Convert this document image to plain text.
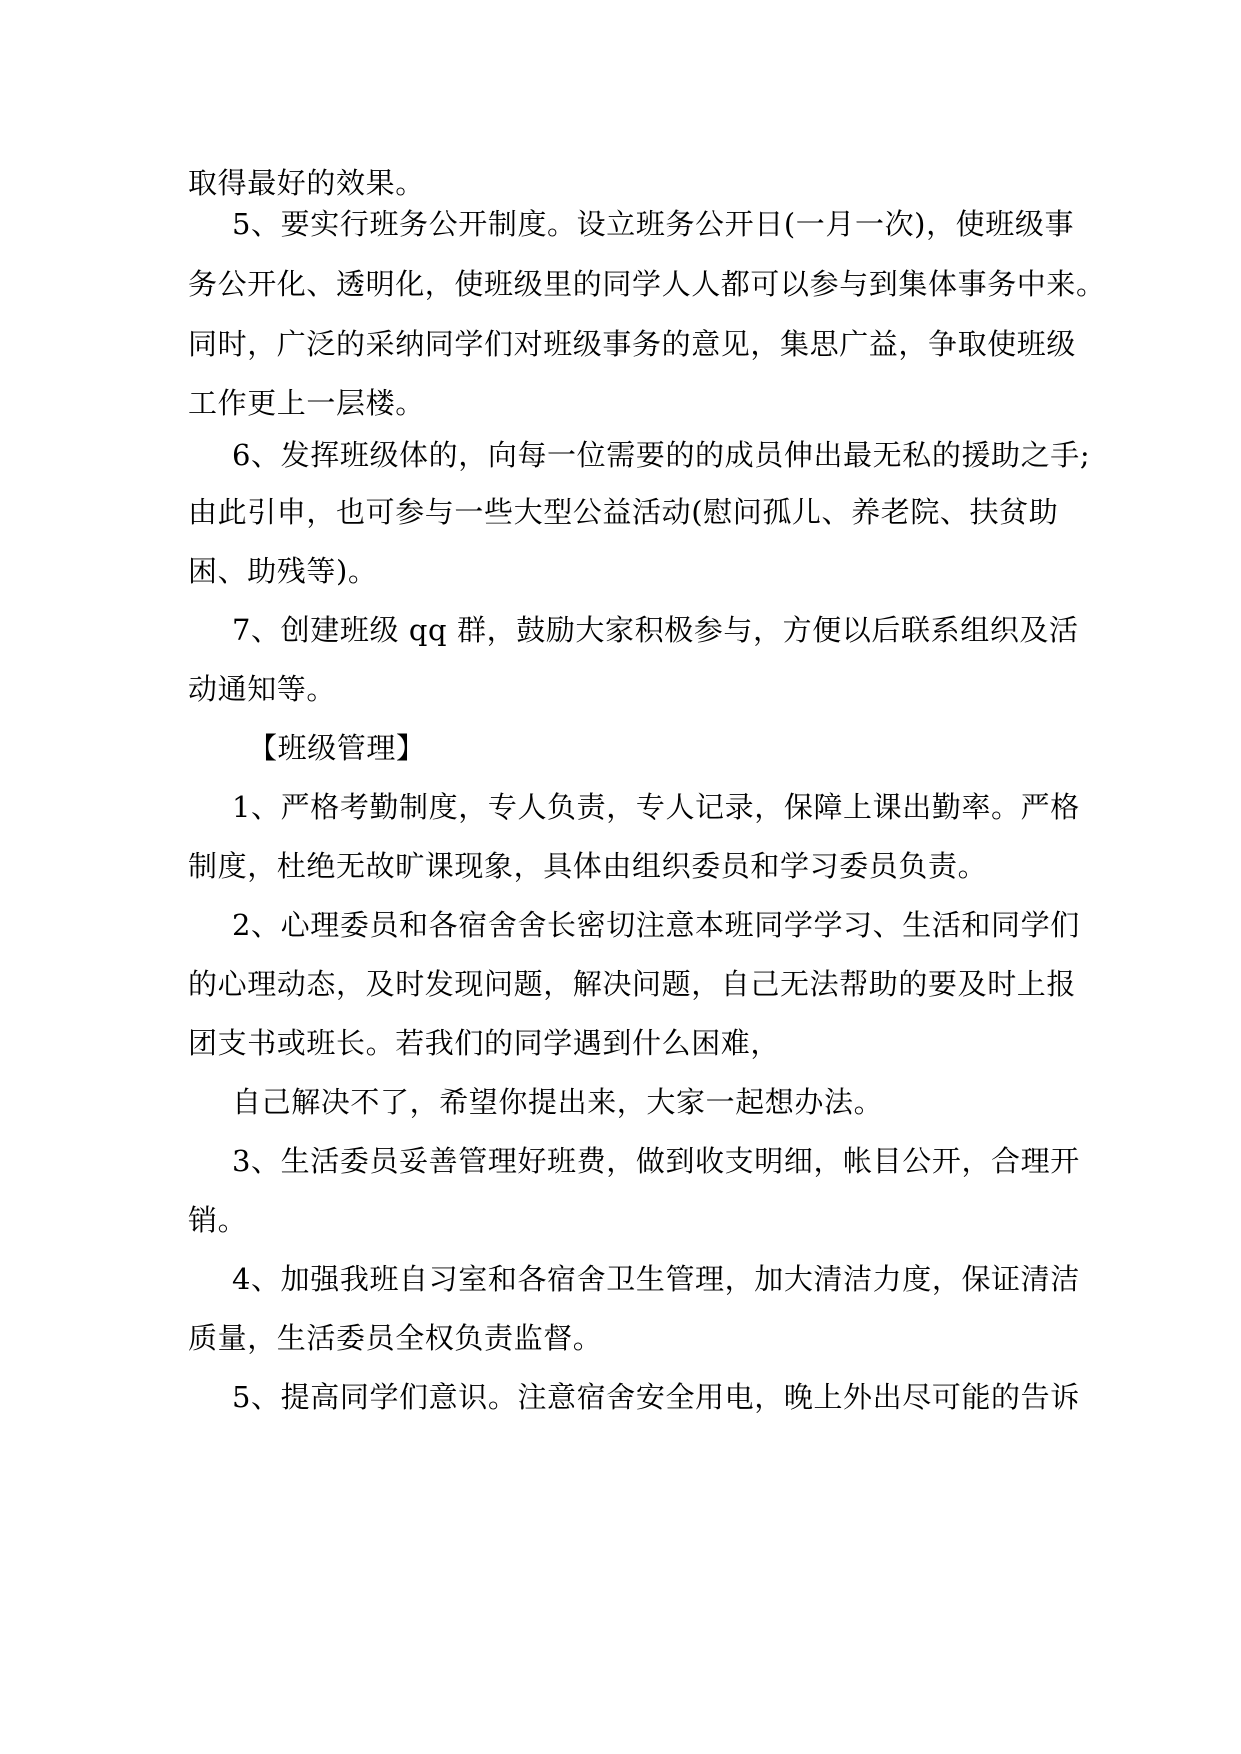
取得最好的效果。
5、要实行班务公开制度。设立班务公开日(一月一次)，使班级事
务公开化、透明化，使班级里的同学人人都可以参与到集体事务中来。
同时，广泛的采纳同学们对班级事务的意见，集思广益，争取使班级
工作更上一层楼。
6、发挥班级体的，向每一位需要的的成员伸出最无私的援助之手;
由此引申，也可参与一些大型公益活动(慰问孤儿、养老院、扶贫助
困、助残等)。
7、创建班级 qq 群，鼓励大家积极参与，方便以后联系组织及活
动通知等。
【班级管理】
1、严格考勤制度，专人负责，专人记录，保障上课出勤率。严格
制度，杜绝无故旷课现象，具体由组织委员和学习委员负责。
2、心理委员和各宿舍舍长密切注意本班同学学习、生活和同学们
的心理动态，及时发现问题，解决问题，自己无法帮助的要及时上报
团支书或班长。若我们的同学遇到什么困难，
自己解决不了，希望你提出来，大家一起想办法。
3、生活委员妥善管理好班费，做到收支明细，帐目公开，合理开
销。
4、加强我班自习室和各宿舍卫生管理，加大清洁力度，保证清洁
质量，生活委员全权负责监督。
5、提高同学们意识。注意宿舍安全用电，晚上外出尽可能的告诉
